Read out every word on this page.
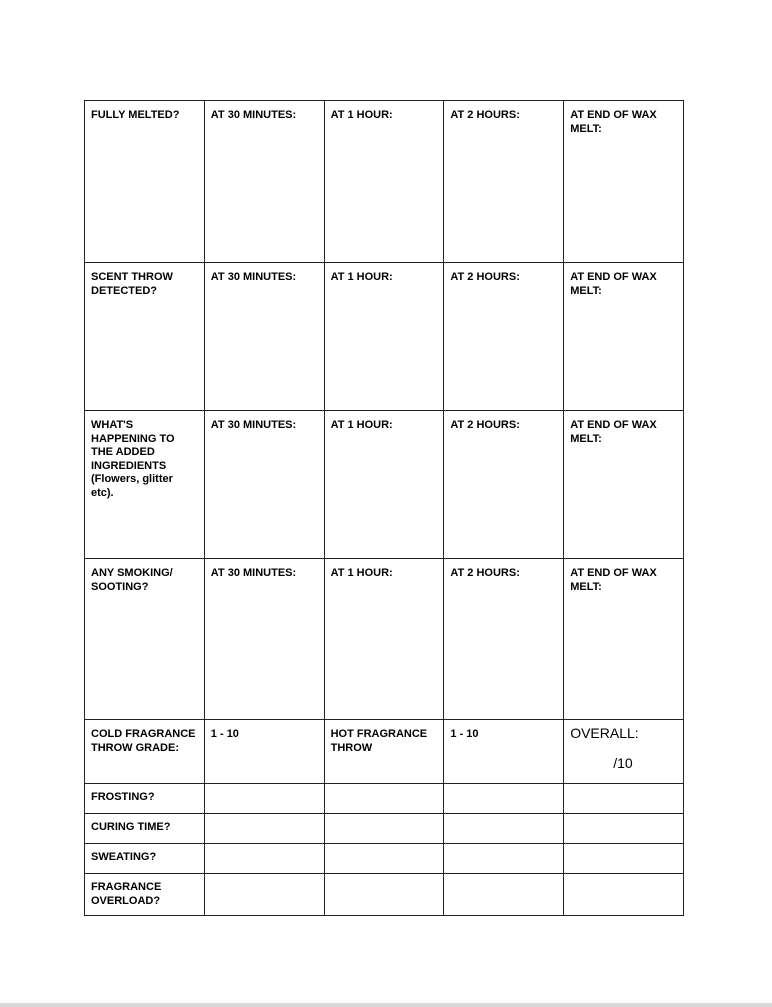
FULLY MELTED?	AT 30 MINUTES:	AT 1 HOUR:	AT 2 HOURS:	AT END OF WAX MELT:
SCENT THROW DETECTED?	AT 30 MINUTES:	AT 1 HOUR:	AT 2 HOURS:	AT END OF WAX MELT:
WHAT'S HAPPENING TO THE ADDED INGREDIENTS (Flowers, glitter etc).	AT 30 MINUTES:	AT 1 HOUR:	AT 2 HOURS:	AT END OF WAX MELT:
ANY SMOKING/ SOOTING?	AT 30 MINUTES:	AT 1 HOUR:	AT 2 HOURS:	AT END OF WAX MELT:
COLD FRAGRANCE THROW GRADE:	1 - 10	HOT FRAGRANCE THROW	1 - 10	OVERALL:
/10

FROSTING?				
CURING TIME?				
SWEATING?				
FRAGRANCE OVERLOAD?				
